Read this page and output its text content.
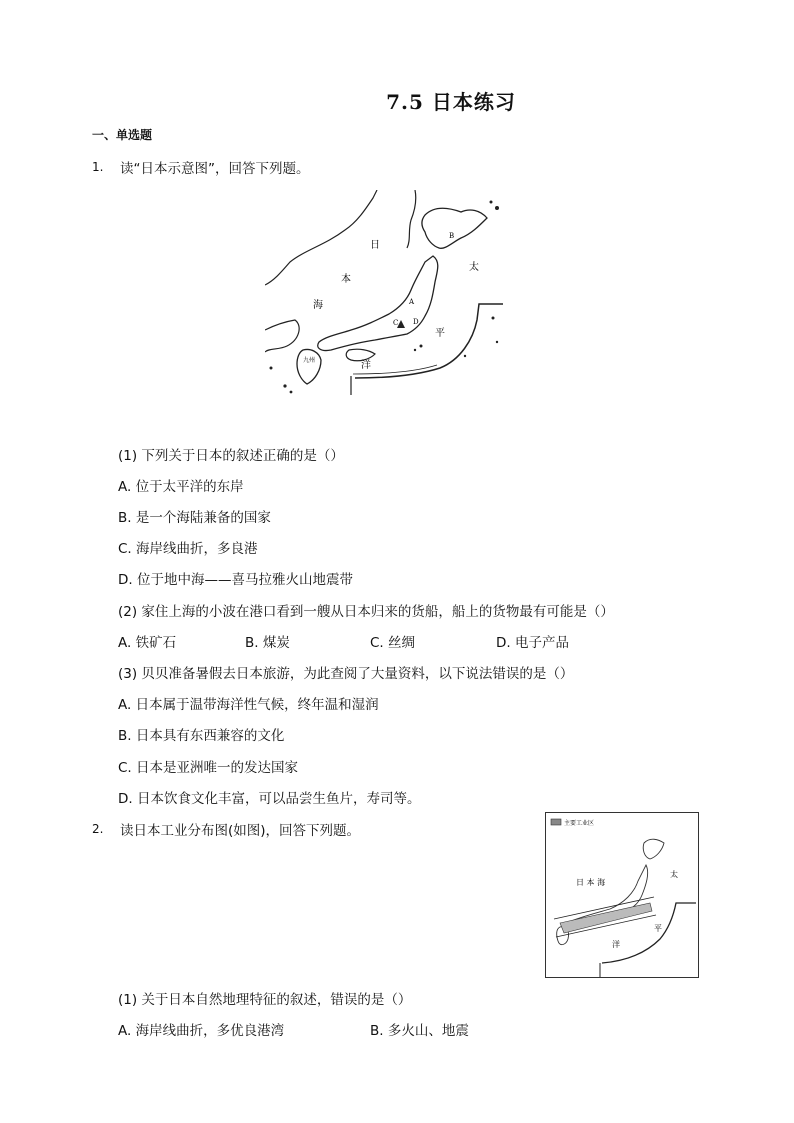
7.5 日本练习
一、单选题
1. 读“日本示意图”，回答下列题。
日
本
海
太
平
洋
九州
A
B
C D
(1) 下列关于日本的叙述正确的是（）
A. 位于太平洋的东岸
B. 是一个海陆兼备的国家
C. 海岸线曲折，多良港
D. 位于地中海——喜马拉雅火山地震带
(2) 家住上海的小波在港口看到一艘从日本归来的货船，船上的货物最有可能是（）
A. 铁矿石	B. 煤炭	C. 丝绸	D. 电子产品
(3) 贝贝准备暑假去日本旅游，为此查阅了大量资料，以下说法错误的是（）
A. 日本属于温带海洋性气候，终年温和湿润
B. 日本具有东西兼容的文化
C. 日本是亚洲唯一的发达国家
D. 日本饮食文化丰富，可以品尝生鱼片，寿司等。
2. 读日本工业分布图(如图)，回答下列题。	主要工业区
日 本 海
太
平
洋
(1) 关于日本自然地理特征的叙述，错误的是（）
A. 海岸线曲折，多优良港湾	B. 多火山、地震
